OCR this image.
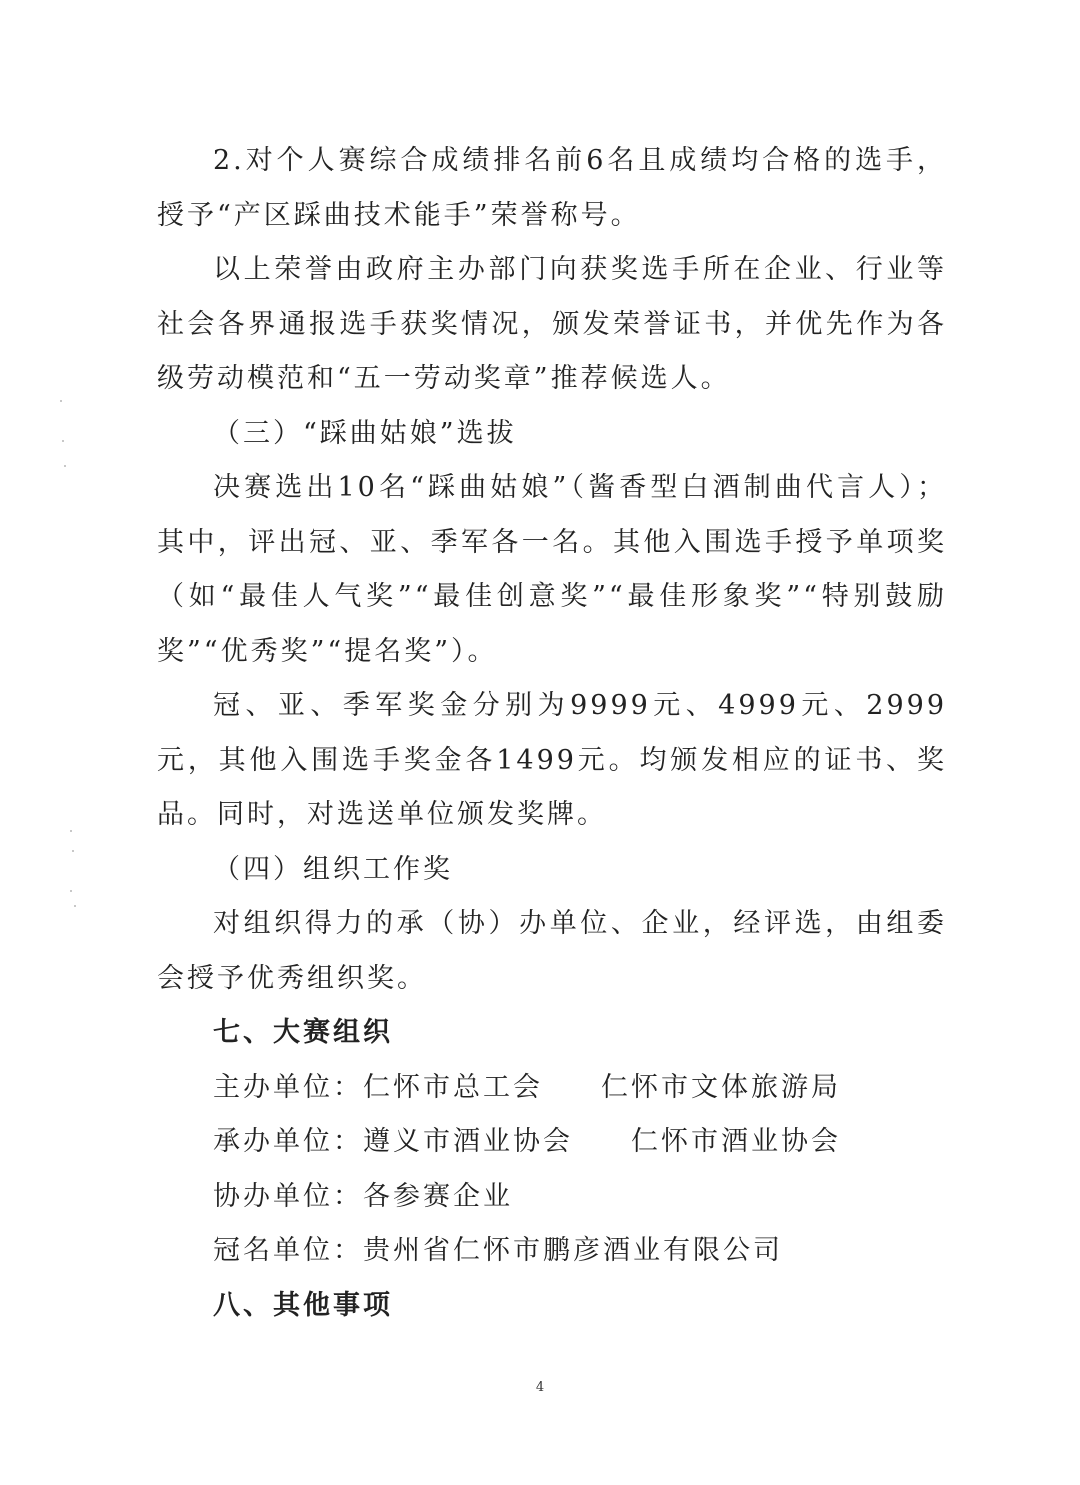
2.对个人赛综合成绩排名前6名且成绩均合格的选手，授予“产区踩曲技术能手”荣誉称号。

以上荣誉由政府主办部门向获奖选手所在企业、行业等社会各界通报选手获奖情况，颁发荣誉证书，并优先作为各级劳动模范和“五一劳动奖章”推荐候选人。

（三）“踩曲姑娘”选拔

决赛选出10名“踩曲姑娘”（酱香型白酒制曲代言人）；其中，评出冠、亚、季军各一名。其他入围选手授予单项奖（如“最佳人气奖”“最佳创意奖”“最佳形象奖”“特别鼓励奖”“优秀奖”“提名奖”）。

冠、亚、季军奖金分别为9999元、4999元、2999元，其他入围选手奖金各1499元。均颁发相应的证书、奖品。同时，对选送单位颁发奖牌。

（四）组织工作奖

对组织得力的承（协）办单位、企业，经评选，由组委会授予优秀组织奖。

七、大赛组织

主办单位：仁怀市总工会 仁怀市文体旅游局

承办单位：遵义市酒业协会 仁怀市酒业协会

协办单位：各参赛企业

冠名单位：贵州省仁怀市鹏彦酒业有限公司

八、其他事项

4
